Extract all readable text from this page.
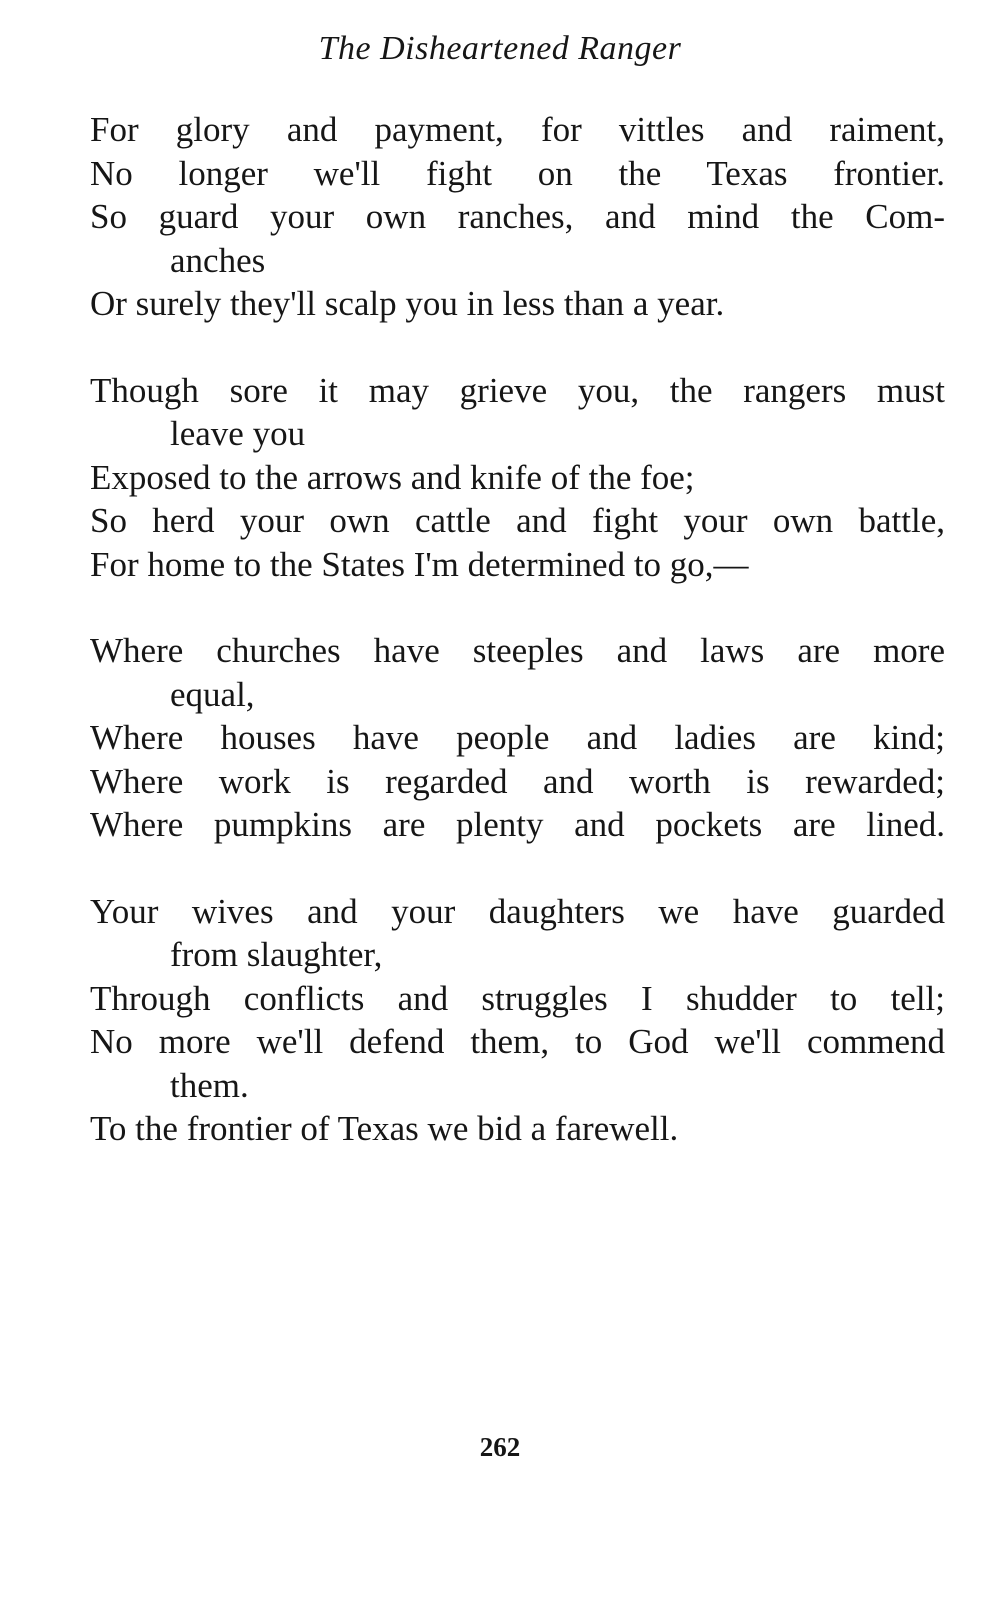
The Disheartened Ranger
For glory and payment, for vittles and raiment,
No longer we'll fight on the Texas frontier.
So guard your own ranches, and mind the Com-
anches
Or surely they'll scalp you in less than a year.
Though sore it may grieve you, the rangers must
leave you
Exposed to the arrows and knife of the foe;
So herd your own cattle and fight your own battle,
For home to the States I'm determined to go,—
Where churches have steeples and laws are more
equal,
Where houses have people and ladies are kind;
Where work is regarded and worth is rewarded;
Where pumpkins are plenty and pockets are lined.
Your wives and your daughters we have guarded
from slaughter,
Through conflicts and struggles I shudder to tell;
No more we'll defend them, to God we'll commend
them.
To the frontier of Texas we bid a farewell.
262
